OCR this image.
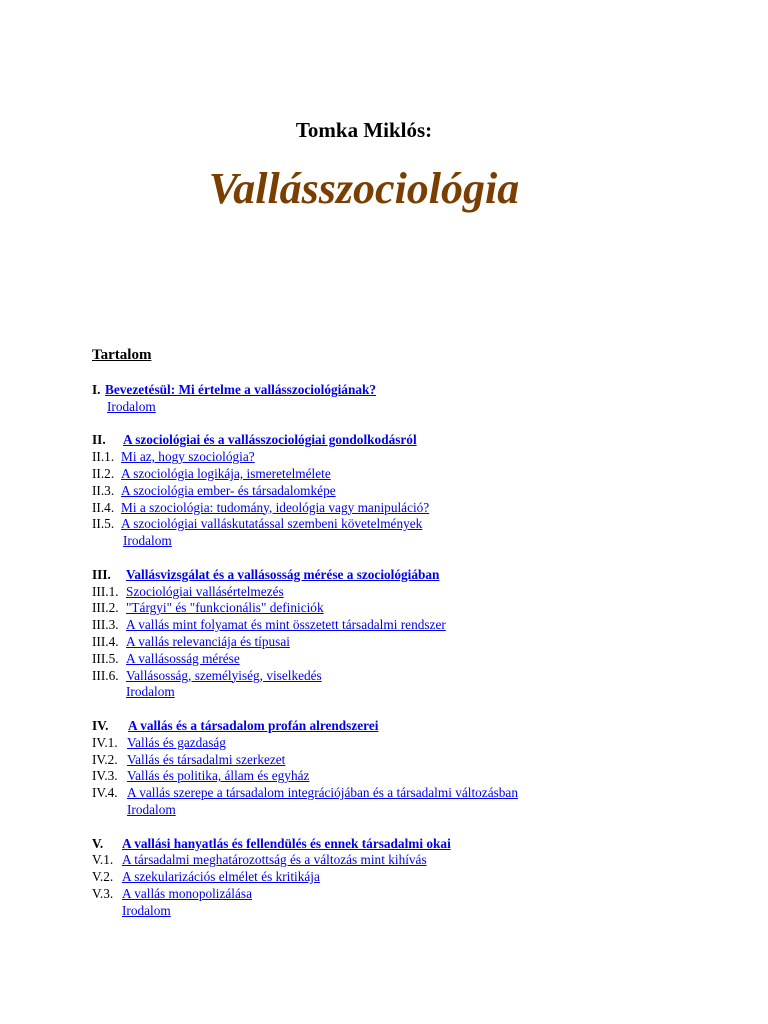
Tomka Miklós:
Vallásszociológia
Tartalom
I. Bevezetésül: Mi értelme a vallásszociológiának?
Irodalom
II. A szociológiai és a vallásszociológiai gondolkodásról
II.1. Mi az, hogy szociológia?
II.2. A szociológia logikája, ismeretelmélete
II.3. A szociológia ember- és társadalomképe
II.4. Mi a szociológia: tudomány, ideológia vagy manipuláció?
II.5. A szociológiai valláskutatással szembeni követelmények
Irodalom
III. Vallásvizsgálat és a vallásosság mérése a szociológiában
III.1. Szociológiai vallásértelmezés
III.2. "Tárgyi" és "funkcionális" definiciók
III.3. A vallás mint folyamat és mint összetett társadalmi rendszer
III.4. A vallás relevanciája és típusai
III.5. A vallásosság mérése
III.6. Vallásosság, személyiség, viselkedés
Irodalom
IV. A vallás és a társadalom profán alrendszerei
IV.1. Vallás és gazdaság
IV.2. Vallás és társadalmi szerkezet
IV.3. Vallás és politika, állam és egyház
IV.4. A vallás szerepe a társadalom integrációjában és a társadalmi változásban
Irodalom
V. A vallási hanyatlás és fellendülés és ennek társadalmi okai
V.1. A társadalmi meghatározottság és a változás mint kihívás
V.2. A szekularizációs elmélet és kritikája
V.3. A vallás monopolizálása
Irodalom
